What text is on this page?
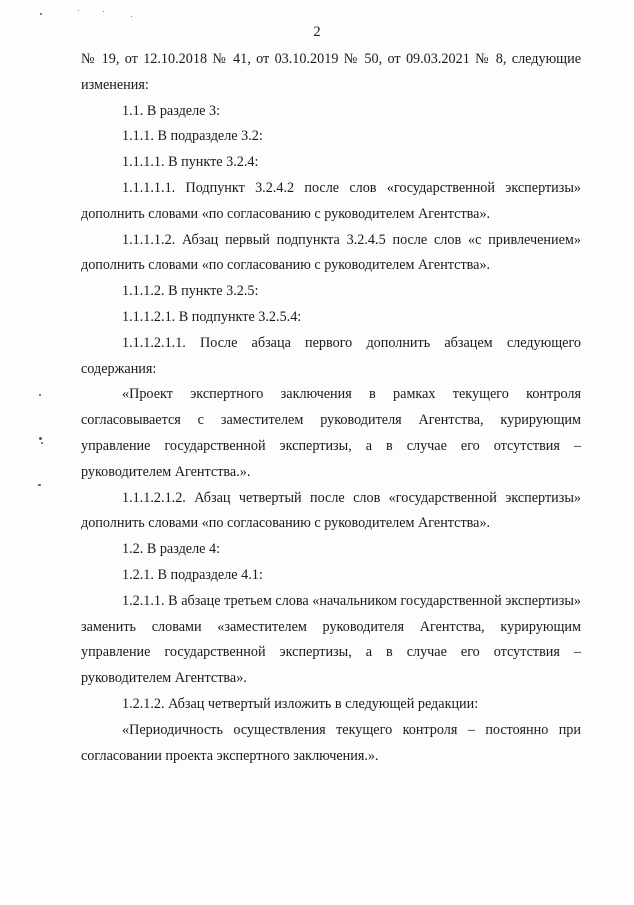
2

№ 19, от 12.10.2018 № 41, от 03.10.2019 № 50, от 09.03.2021 № 8, следующие изменения:

1.1. В разделе 3:

1.1.1. В подразделе 3.2:

1.1.1.1. В пункте 3.2.4:

1.1.1.1.1. Подпункт 3.2.4.2 после слов «государственной экспертизы» дополнить словами «по согласованию с руководителем Агентства».

1.1.1.1.2. Абзац первый подпункта 3.2.4.5 после слов «с привлечением» дополнить словами «по согласованию с руководителем Агентства».

1.1.1.2. В пункте 3.2.5:

1.1.1.2.1. В подпункте 3.2.5.4:

1.1.1.2.1.1. После абзаца первого дополнить абзацем следующего содержания:

«Проект экспертного заключения в рамках текущего контроля согласовывается с заместителем руководителя Агентства, курирующим управление государственной экспертизы, а в случае его отсутствия – руководителем Агентства.».

1.1.1.2.1.2. Абзац четвертый после слов «государственной экспертизы» дополнить словами «по согласованию с руководителем Агентства».

1.2. В разделе 4:

1.2.1. В подразделе 4.1:

1.2.1.1. В абзаце третьем слова «начальником государственной экспертизы» заменить словами «заместителем руководителя Агентства, курирующим управление государственной экспертизы, а в случае его отсутствия – руководителем Агентства».

1.2.1.2. Абзац четвертый изложить в следующей редакции:

«Периодичность осуществления текущего контроля – постоянно при согласовании проекта экспертного заключения.».
